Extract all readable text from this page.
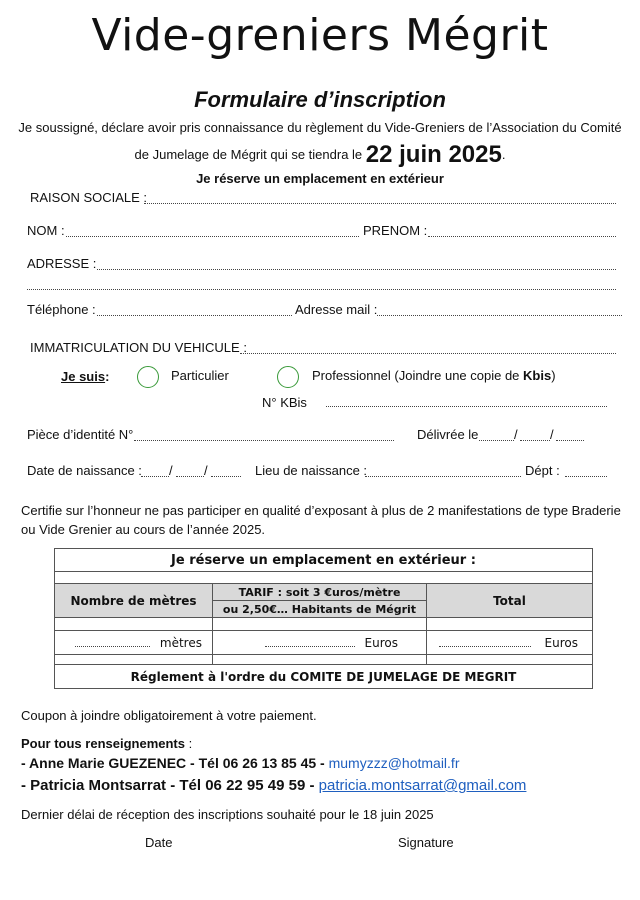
Vide-greniers Mégrit
Formulaire d’inscription
Je soussigné, déclare avoir pris connaissance du règlement du Vide-Greniers de l’Association du Comité
de Jumelage de Mégrit qui se tiendra le 22 juin 2025.
Je réserve un emplacement en extérieur
RAISON SOCIALE :
NOM :	PRENOM :
ADRESSE :
Téléphone :	Adresse mail :
IMMATRICULATION DU VEHICULE :
Je suis:	Particulier	Professionnel (Joindre une copie de Kbis)
N° KBis
Pièce d’identité N°	Délivrée le	/ /
Date de naissance : / /	Lieu de naissance :	Dépt :
Certifie sur l’honneur ne pas participer en qualité d’exposant à plus de 2 manifestations de type Braderie ou Vide Grenier au cours de l’année 2025.
Je réserve un emplacement en extérieur :		

Nombre de mètres	TARIF : soit 3 €uros/mètre	Total
	ou 2,50€… Habitants de Mégrit	

mètres	Euros	Euros

Réglement à l'ordre du COMITE DE JUMELAGE DE MEGRIT		
Coupon à joindre obligatoirement à votre paiement.
Pour tous renseignements :
- Anne Marie GUEZENEC - Tél 06 26 13 85 45 - mumyzzz@hotmail.fr
- Patricia Montsarrat - Tél 06 22 95 49 59 - patricia.montsarrat@gmail.com
Dernier délai de réception des inscriptions souhaité pour le 18 juin 2025
Date	Signature
